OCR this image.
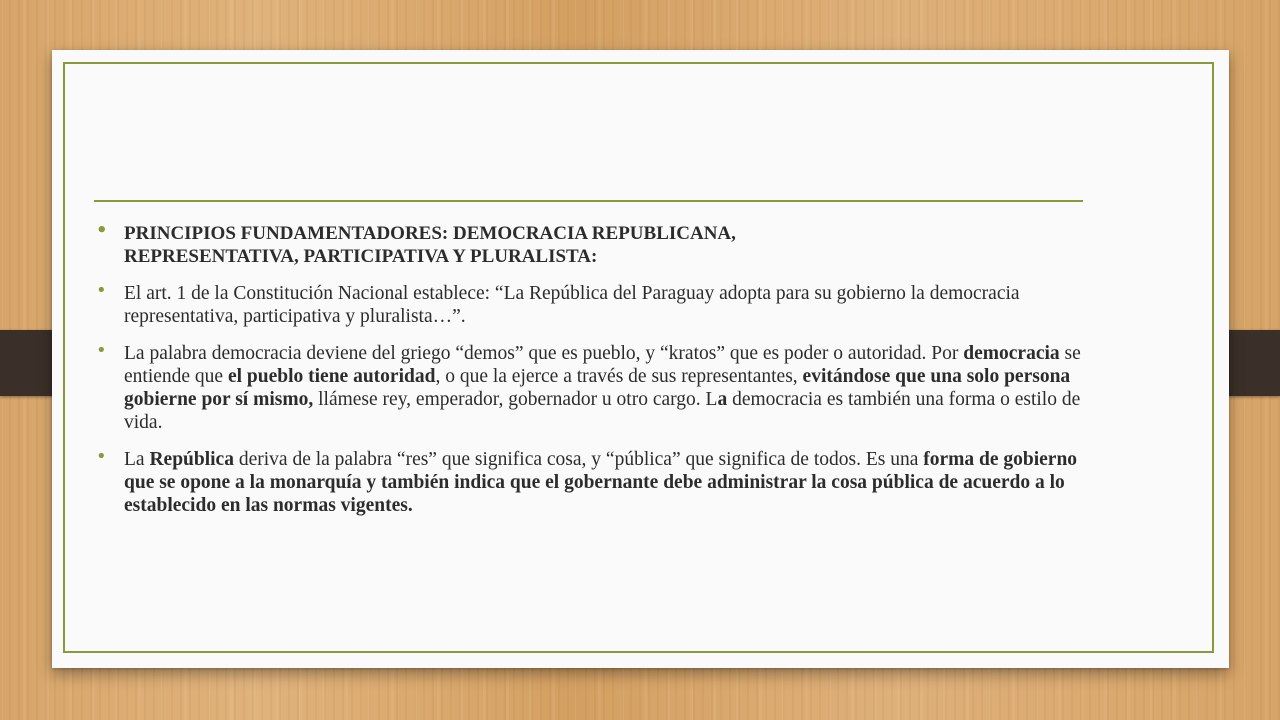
• PRINCIPIOS FUNDAMENTADORES: DEMOCRACIA REPUBLICANA,
REPRESENTATIVA, PARTICIPATIVA Y PLURALISTA:
• El art. 1 de la Constitución Nacional establece: “La República del Paraguay adopta para su gobierno la democracia representativa, participativa y pluralista…”.
• La palabra democracia deviene del griego “demos” que es pueblo, y “kratos” que es poder o autoridad. Por democracia se entiende que el pueblo tiene autoridad, o que la ejerce a través de sus representantes, evitándose que una solo persona gobierne por sí mismo, llámese rey, emperador, gobernador u otro cargo. La democracia es también una forma o estilo de vida.
• La República deriva de la palabra “res” que significa cosa, y “pública” que significa de todos. Es una forma de gobierno que se opone a la monarquía y también indica que el gobernante debe administrar la cosa pública de acuerdo a lo establecido en las normas vigentes.
